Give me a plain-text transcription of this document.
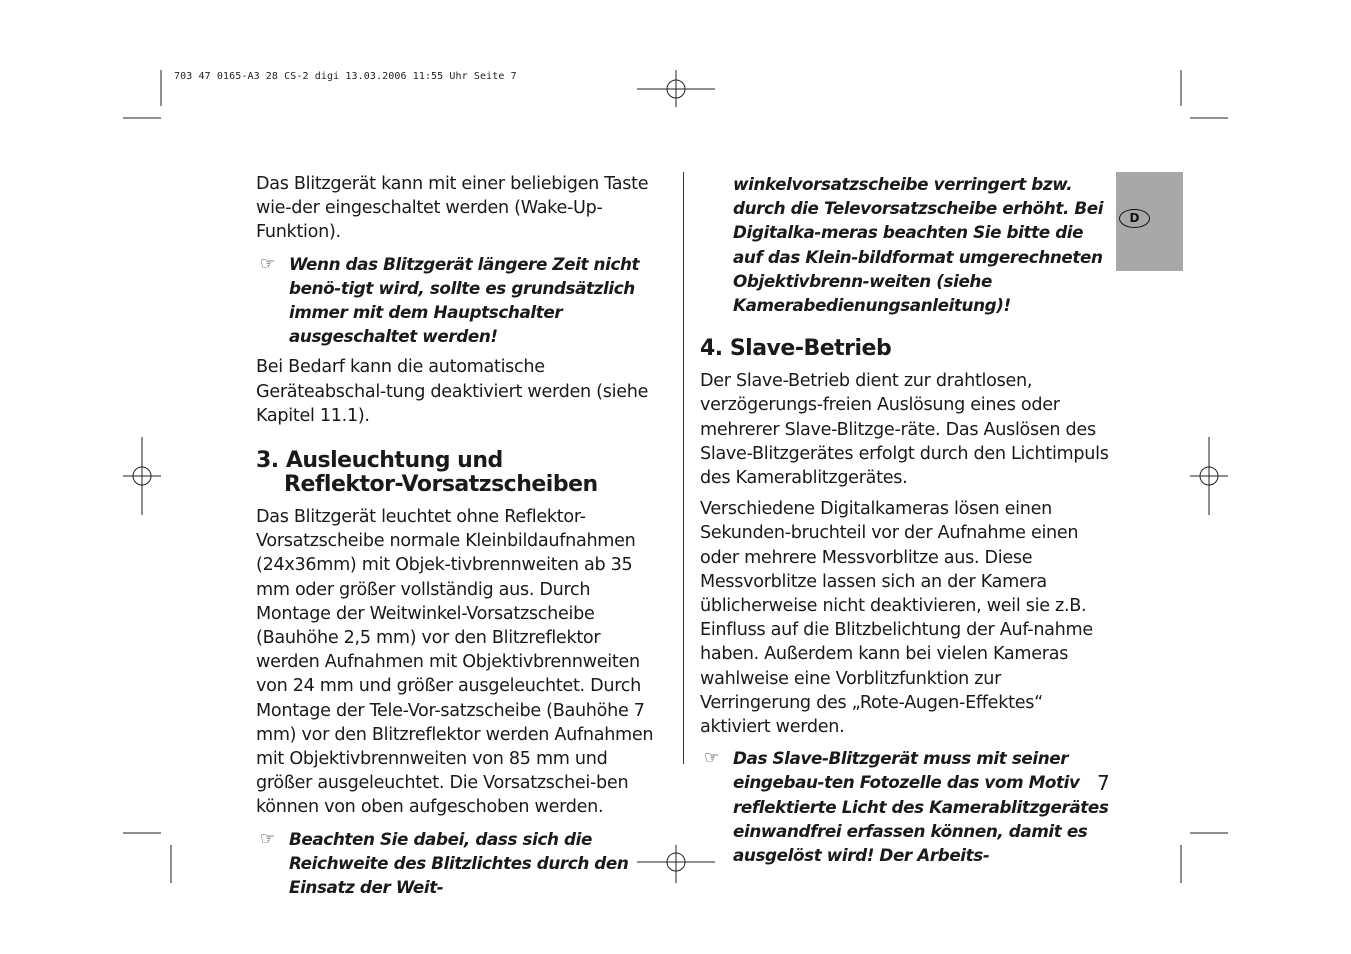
703 47 0165-A3 28 CS-2 digi 13.03.2006 11:55 Uhr Seite 7
D

Das Blitzgerät kann mit einer beliebigen Taste wie-der eingeschaltet werden (Wake-Up-Funktion).

☞ Wenn das Blitzgerät längere Zeit nicht benö-tigt wird, sollte es grundsätzlich immer mit dem Hauptschalter ausgeschaltet werden!

Bei Bedarf kann die automatische Geräteabschal-tung deaktiviert werden (siehe Kapitel 11.1).

3. Ausleuchtung und
Reflektor-Vorsatzscheiben

Das Blitzgerät leuchtet ohne Reflektor-Vorsatzscheibe normale Kleinbildaufnahmen (24x36mm) mit Objek-tivbrennweiten ab 35 mm oder größer vollständig aus. Durch Montage der Weitwinkel-Vorsatzscheibe (Bauhöhe 2,5 mm) vor den Blitzreflektor werden Aufnahmen mit Objektivbrennweiten von 24 mm und größer ausgeleuchtet. Durch Montage der Tele-Vor-satzscheibe (Bauhöhe 7 mm) vor den Blitzreflektor werden Aufnahmen mit Objektivbrennweiten von 85 mm und größer ausgeleuchtet. Die Vorsatzschei-ben können von oben aufgeschoben werden.

☞ Beachten Sie dabei, dass sich die Reichweite des Blitzlichtes durch den Einsatz der Weit-
winkelvorsatzscheibe verringert bzw. durch die Televorsatzscheibe erhöht. Bei Digitalka-meras beachten Sie bitte die auf das Klein-bildformat umgerechneten Objektivbrenn-weiten (siehe Kamerabedienungsanleitung)!
4. Slave-Betrieb

Der Slave-Betrieb dient zur drahtlosen, verzögerungs-freien Auslösung eines oder mehrerer Slave-Blitzge-räte. Das Auslösen des Slave-Blitzgerätes erfolgt durch den Lichtimpuls des Kamerablitzgerätes.

Verschiedene Digitalkameras lösen einen Sekunden-bruchteil vor der Aufnahme einen oder mehrere Messvorblitze aus. Diese Messvorblitze lassen sich an der Kamera üblicherweise nicht deaktivieren, weil sie z.B. Einfluss auf die Blitzbelichtung der Auf-nahme haben. Außerdem kann bei vielen Kameras wahlweise eine Vorblitzfunktion zur Verringerung des „Rote-Augen-Effektes“ aktiviert werden.

☞ Das Slave-Blitzgerät muss mit seiner eingebau-ten Fotozelle das vom Motiv reflektierte Licht des Kamerablitzgerätes einwandfrei erfassen können, damit es ausgelöst wird! Der Arbeits-
7
